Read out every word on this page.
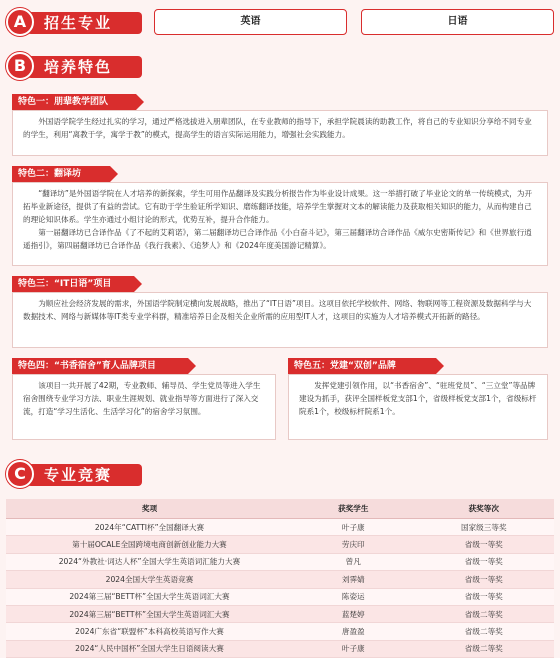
A	招生专业	英语	日语
B	培养特色
特色一：朋辈教学团队

外国语学院学生经过扎实的学习，通过严格选拔进入朋辈团队，在专业教师的指导下，承担学院晨读的助教工作，将自己的专业知识分享给不同专业的学生，利用“离教于学，寓学于教”的模式，提高学生的语言实际运用能力，增强社会实践能力。

特色二：翻译坊

“翻译坊”是外国语学院在人才培养的新探索，学生可用作品翻译及实践分析报告作为毕业设计成果。这一举措打破了毕业论文的单一传统模式，为开拓毕业新途径，提供了有益的尝试。它有助于学生验证所学知识、磨练翻译技能，培养学生掌握对文本的解读能力及获取相关知识的能力，从而构建自己的理论知识体系。学生亦通过小组讨论的形式，优势互补，提升合作能力。

第一届翻译坊已合译作品《了不起的艾莉诺》，第二届翻译坊已合译作品《小白奋斗记》，第三届翻译坊合译作品《威尔史密斯传记》和《世界旅行逍遥指引》，第四届翻译坊已合译作品《我行我素》、《追梦人》和《2024年度美国游记精算》。

特色三：“IT日语”项目

为顺应社会经济发展的需求，外国语学院制定横向发展战略，推出了“IT日语”项目。这项目依托学校软件、网络、物联网等工程资源及数据科学与大数据技术、网络与新媒体等IT类专业学科群，精准培养日企及相关企业所需的应用型IT人才，这项目的实施为人才培养模式开拓新的路径。

特色四：“书香宿舍”育人品牌项目

该项目一共开展了42期，专业教师、辅导员、学生党员等进入学生宿舍围绕专业学习方法、职业生涯规划、就业指导等方面进行了深入交流，打造“学习生活化、生活学习化”的宿舍学习氛围。

特色五：党建“双创”品牌

发挥党建引领作用，以“书香宿舍”、“驻班党员”、“三立堂”等品牌建设为抓手，获评全国样板党支部1个，省级样板党支部1个，省级标杆院系1个，校级标杆院系1个。

C	专业竞赛
奖项	获奖学生	获奖等次
2024年“CATTI杯”全国翻译大赛	叶子康	国家级三等奖
第十届OCALE全国跨境电商创新创业能力大赛	劳庆印	省级一等奖
2024“外教社·词达人杯”全国大学生英语词汇能力大赛	曾凡	省级一等奖
2024全国大学生英语竞赛	刘霁婧	省级一等奖
2024第三届“BETT杯”全国大学生英语词汇大赛	陈姿运	省级一等奖
2024第三届“BETT杯”全国大学生英语词汇大赛	蓝楚婷	省级二等奖
2024广东省“联盟杯”本科高校英语写作大赛	唐盈盈	省级二等奖
2024“人民中国杯”全国大学生日语阅读大赛	叶子康	省级二等奖
